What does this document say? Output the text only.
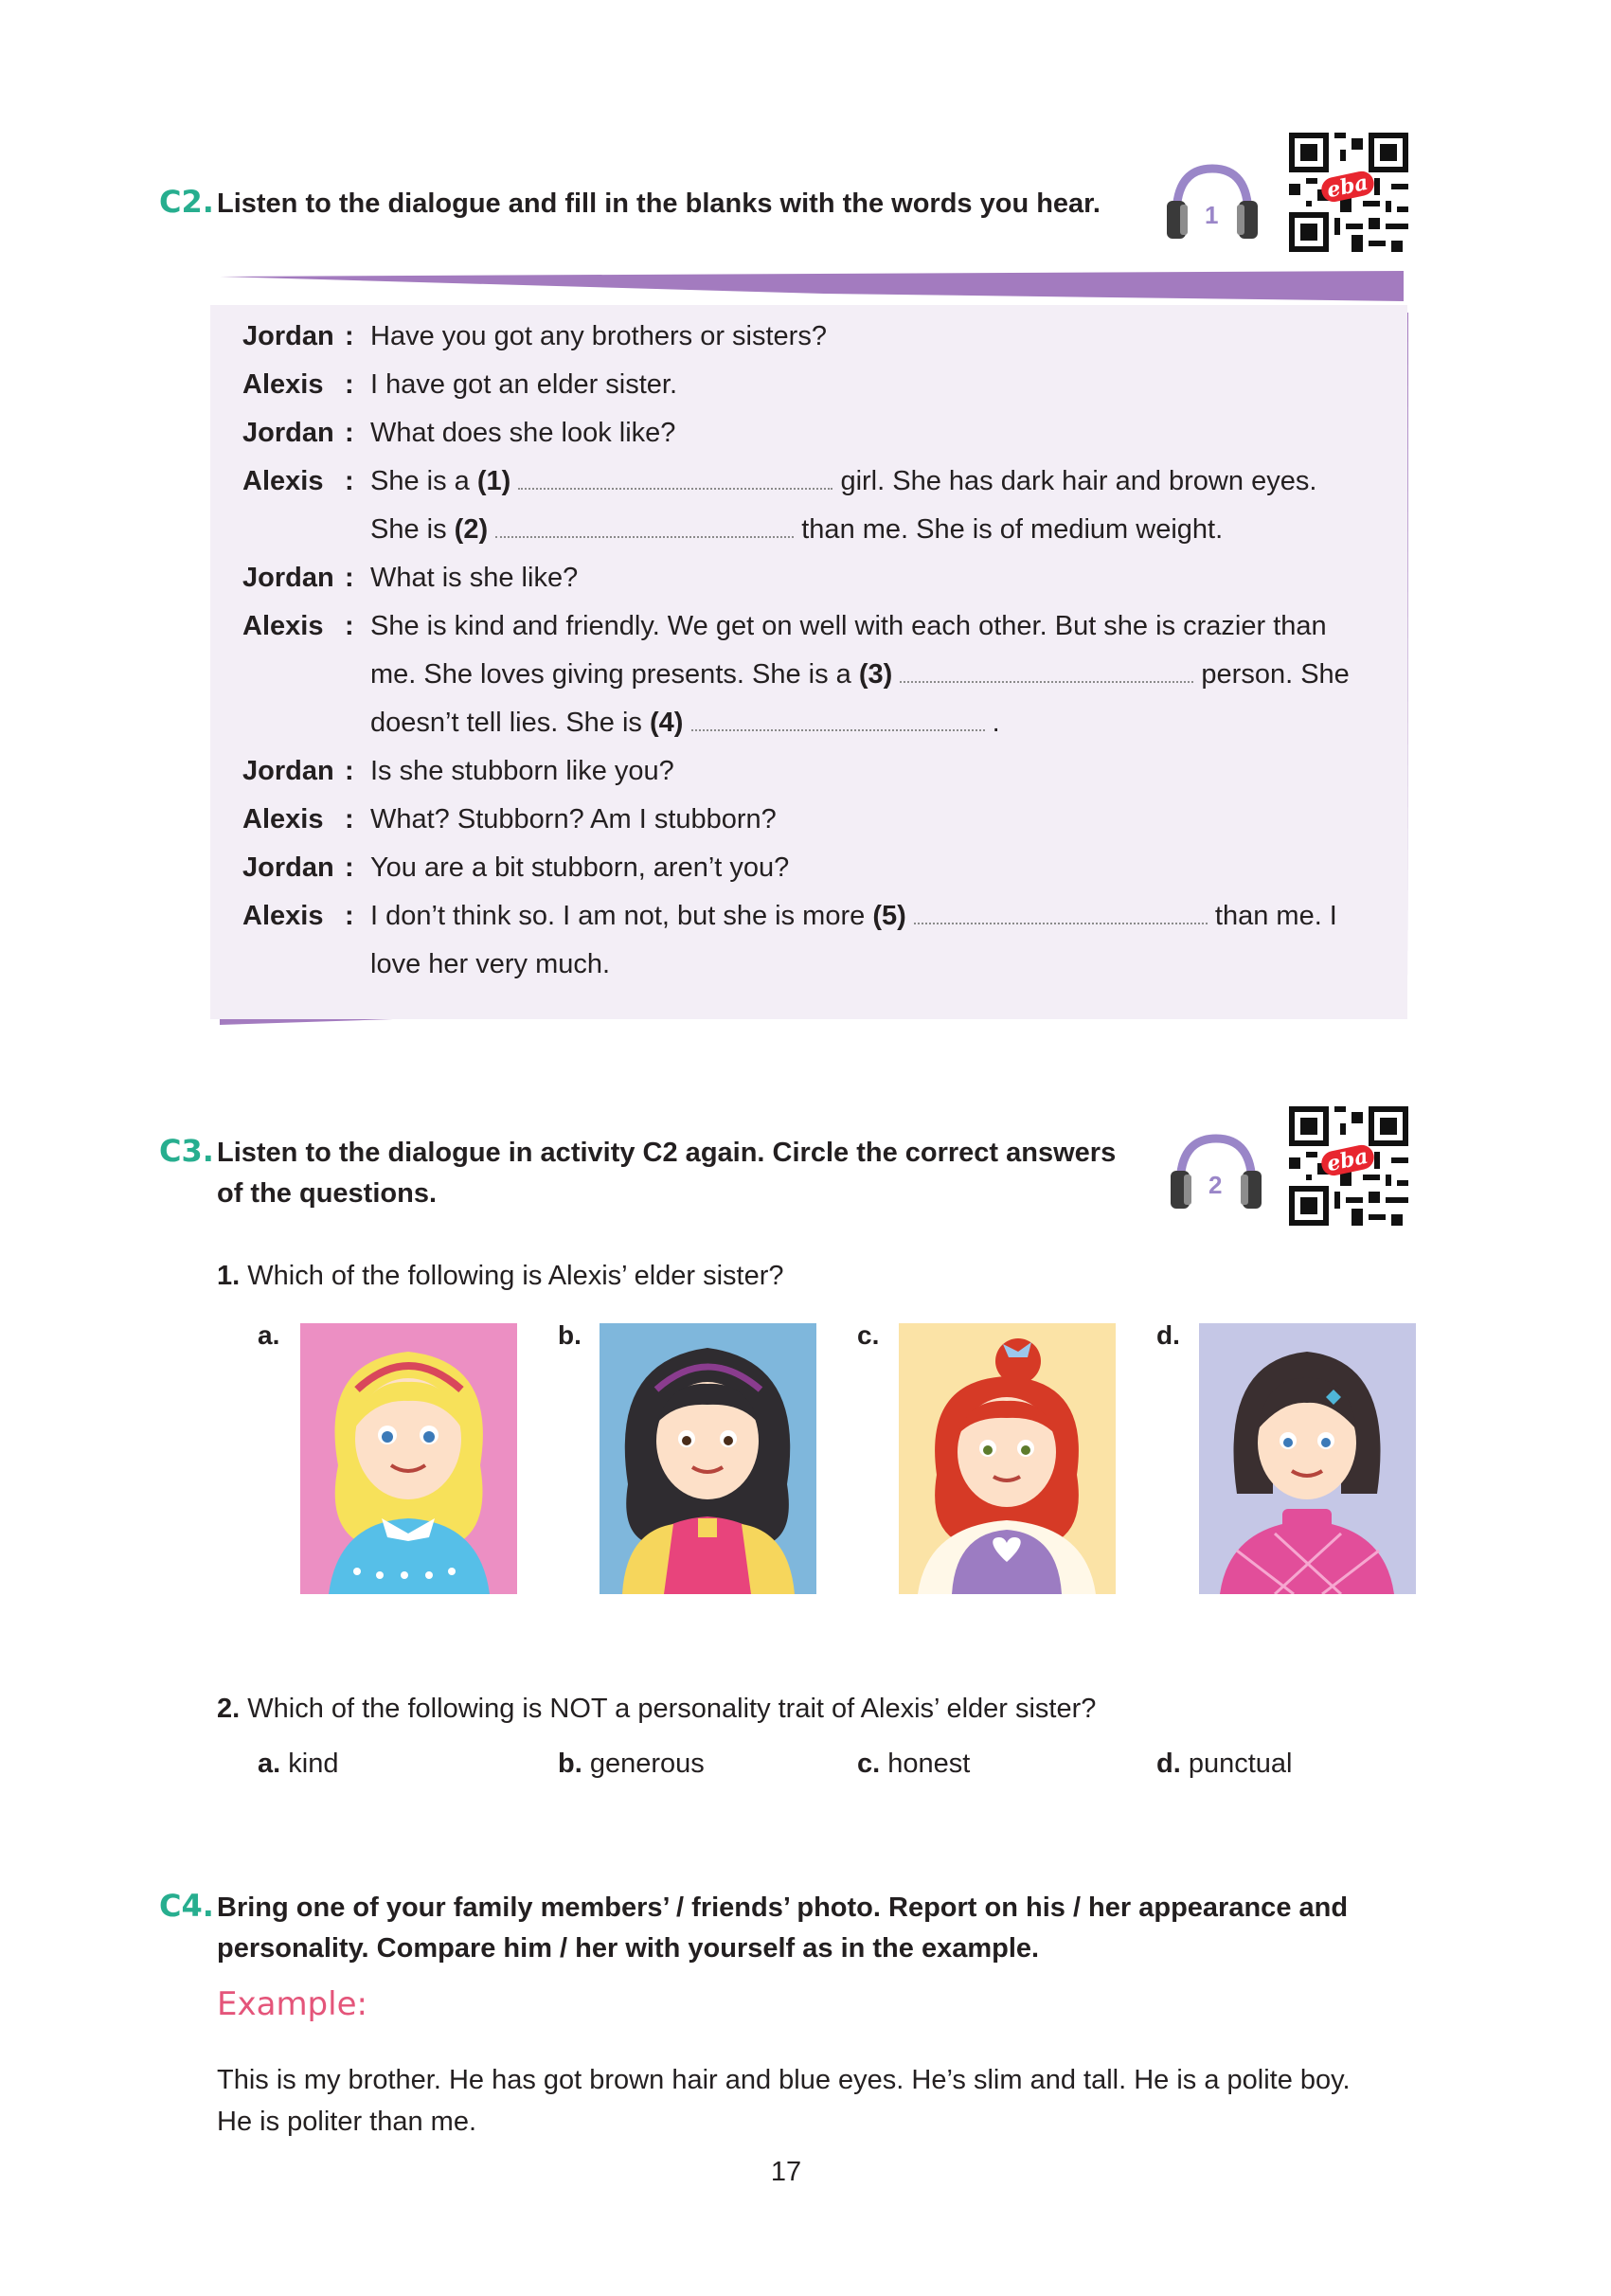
C2. Listen to the dialogue and fill in the blanks with the words you hear.	1
eba
Jordan : Have you got any brothers or sisters?
Alexis : I have got an elder sister.
Jordan : What does she look like?
Alexis : She is a (1)	girl. She has dark hair and brown eyes.
She is (2)	than me. She is of medium weight.
Jordan : What is she like?
Alexis : She is kind and friendly. We get on well with each other. But she is crazier than
me. She loves giving presents. She is a (3)	person. She
doesn’t tell lies. She is (4)	.
Jordan : Is she stubborn like you?
Alexis : What? Stubborn? Am I stubborn?
Jordan : You are a bit stubborn, aren’t you?
Alexis : I don’t think so. I am not, but she is more (5)	than me. I
love her very much.
C3. Listen to the dialogue in activity C2 again. Circle the correct answers
of the questions.	2
eba
1. Which of the following is Alexis’ elder sister?
a.	b.	c.	d.
2. Which of the following is NOT a personality trait of Alexis’ elder sister?
a. kind	b. generous	c. honest	d. punctual
C4. Bring one of your family members’ / friends’ photo. Report on his / her appearance and
personality. Compare him / her with yourself as in the example.
Example:
This is my brother. He has got brown hair and blue eyes. He’s slim and tall. He is a polite boy.
He is politer than me.
17
